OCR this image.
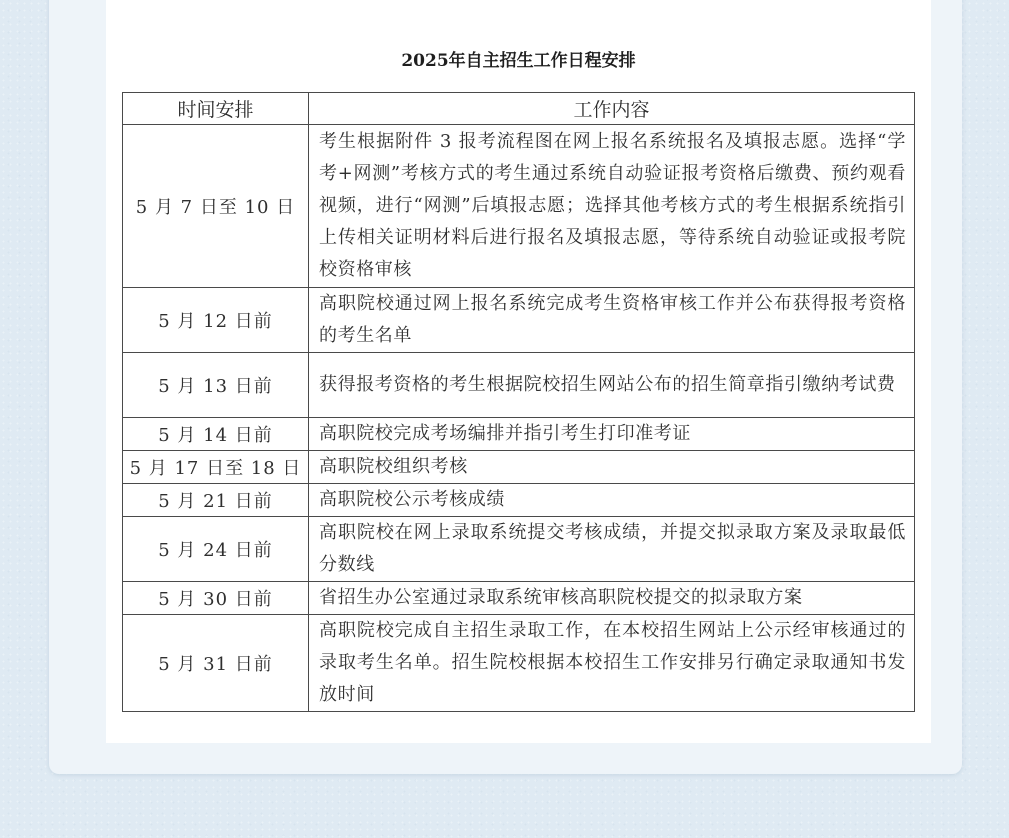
2025年自主招生工作日程安排
时间安排	工作内容
5 月 7 日至 10 日	考生根据附件 3 报考流程图在网上报名系统报名及填报志愿。选择“学考+网测”考核方式的考生通过系统自动验证报考资格后缴费、预约观看视频，进行“网测”后填报志愿；选择其他考核方式的考生根据系统指引上传相关证明材料后进行报名及填报志愿，等待系统自动验证或报考院校资格审核
5 月 12 日前	高职院校通过网上报名系统完成考生资格审核工作并公布获得报考资格的考生名单
5 月 13 日前	获得报考资格的考生根据院校招生网站公布的招生简章指引缴纳考试费
5 月 14 日前	高职院校完成考场编排并指引考生打印准考证
5 月 17 日至 18 日	高职院校组织考核
5 月 21 日前	高职院校公示考核成绩
5 月 24 日前	高职院校在网上录取系统提交考核成绩，并提交拟录取方案及录取最低分数线
5 月 30 日前	省招生办公室通过录取系统审核高职院校提交的拟录取方案
5 月 31 日前	高职院校完成自主招生录取工作，在本校招生网站上公示经审核通过的录取考生名单。招生院校根据本校招生工作安排另行确定录取通知书发放时间
